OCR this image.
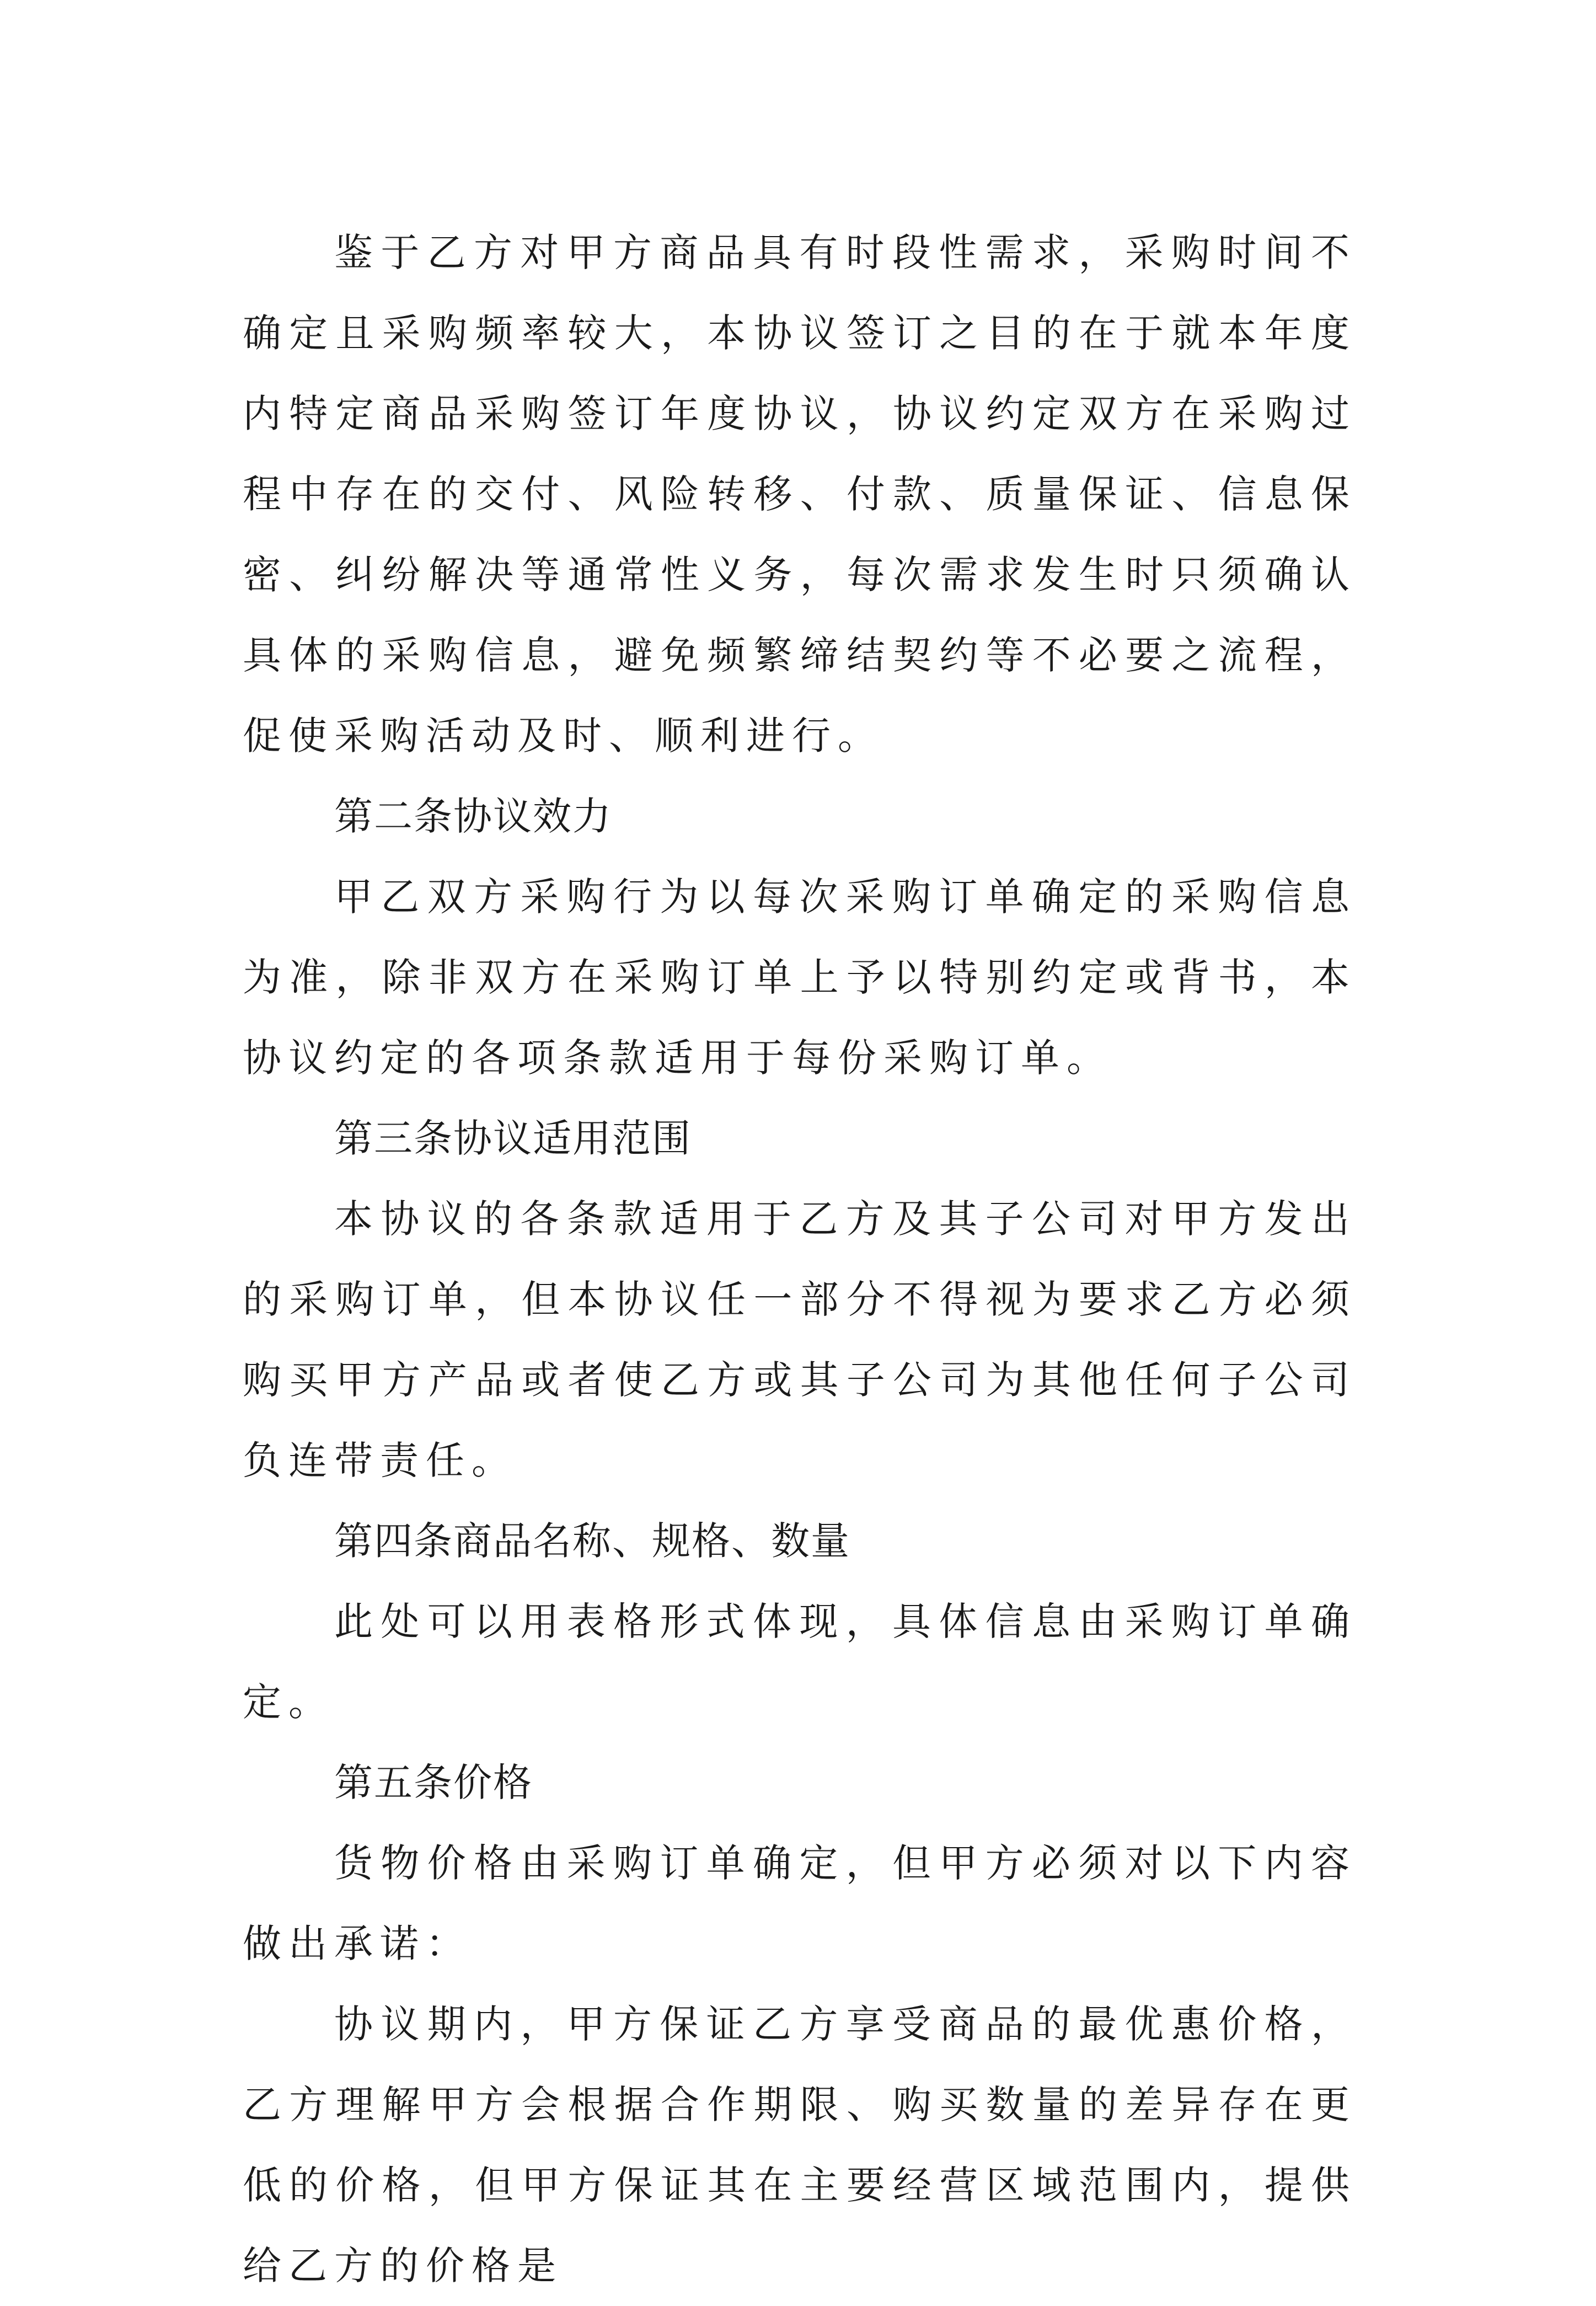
鉴于乙方对甲方商品具有时段性需求，采购时间不确定且采购频率较大，本协议签订之目的在于就本年度内特定商品采购签订年度协议，协议约定双方在采购过程中存在的交付、风险转移、付款、质量保证、信息保密、纠纷解决等通常性义务，每次需求发生时只须确认具体的采购信息，避免频繁缔结契约等不必要之流程，促使采购活动及时、顺利进行。

第二条协议效力

甲乙双方采购行为以每次采购订单确定的采购信息为准，除非双方在采购订单上予以特别约定或背书，本协议约定的各项条款适用于每份采购订单。

第三条协议适用范围

本协议的各条款适用于乙方及其子公司对甲方发出的采购订单，但本协议任一部分不得视为要求乙方必须购买甲方产品或者使乙方或其子公司为其他任何子公司负连带责任。

第四条商品名称、规格、数量

此处可以用表格形式体现，具体信息由采购订单确定。

第五条价格

货物价格由采购订单确定，但甲方必须对以下内容做出承诺：

协议期内，甲方保证乙方享受商品的最优惠价格，乙方理解甲方会根据合作期限、购买数量的差异存在更低的价格，但甲方保证其在主要经营区域范围内，提供给乙方的价格是
